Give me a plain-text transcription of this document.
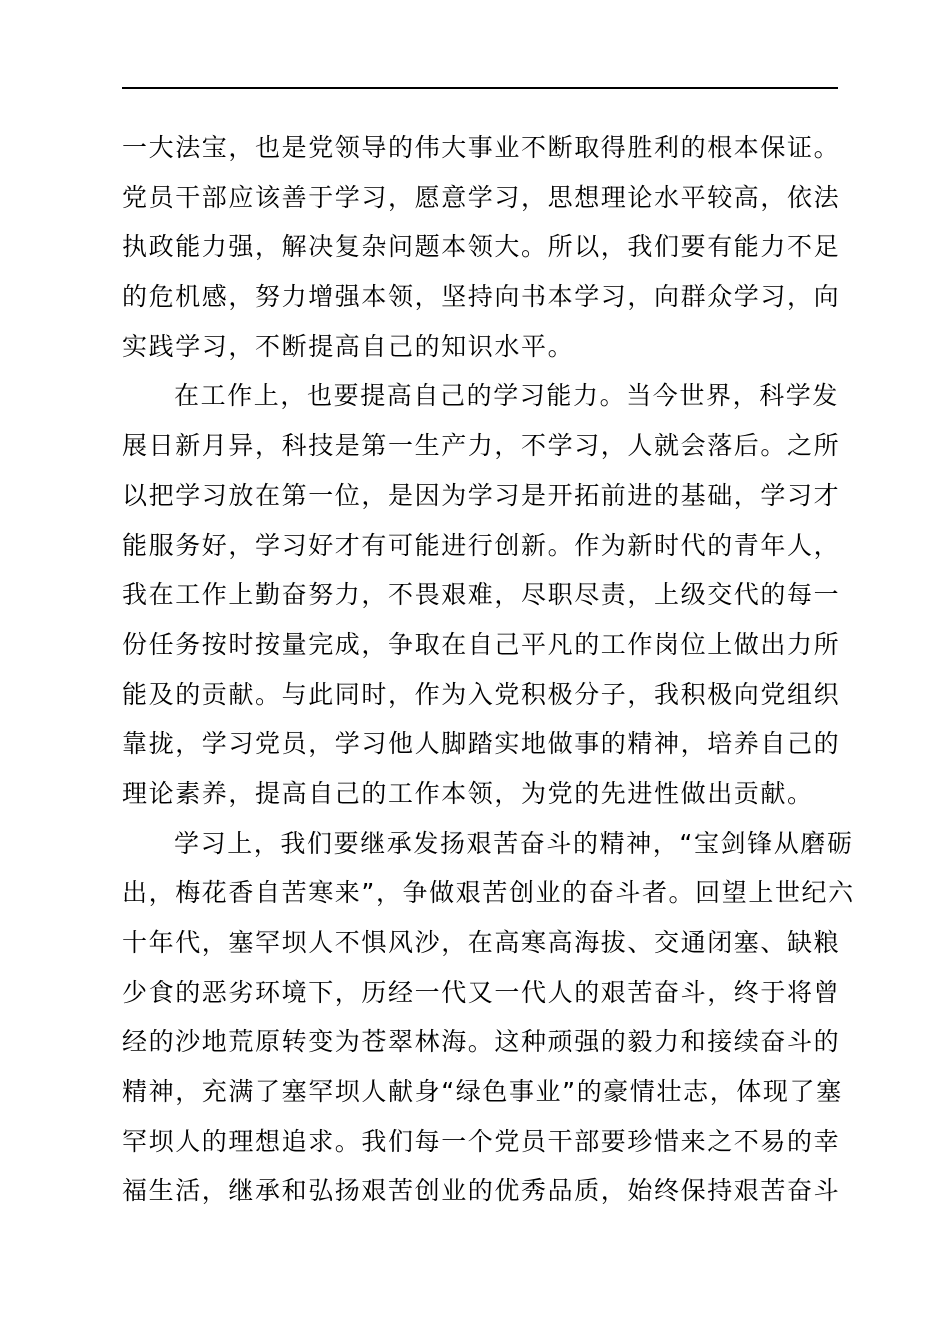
一大法宝，也是党领导的伟大事业不断取得胜利的根本保证。
党员干部应该善于学习，愿意学习，思想理论水平较高，依法
执政能力强，解决复杂问题本领大。所以，我们要有能力不足
的危机感，努力增强本领，坚持向书本学习，向群众学习，向
实践学习，不断提高自己的知识水平。
在工作上，也要提高自己的学习能力。当今世界，科学发
展日新月异，科技是第一生产力，不学习，人就会落后。之所
以把学习放在第一位，是因为学习是开拓前进的基础，学习才
能服务好，学习好才有可能进行创新。作为新时代的青年人，
我在工作上勤奋努力，不畏艰难，尽职尽责，上级交代的每一
份任务按时按量完成，争取在自己平凡的工作岗位上做出力所
能及的贡献。与此同时，作为入党积极分子，我积极向党组织
靠拢，学习党员，学习他人脚踏实地做事的精神，培养自己的
理论素养，提高自己的工作本领，为党的先进性做出贡献。
学习上，我们要继承发扬艰苦奋斗的精神，“宝剑锋从磨砺
出，梅花香自苦寒来”，争做艰苦创业的奋斗者。回望上世纪六
十年代，塞罕坝人不惧风沙，在高寒高海拔、交通闭塞、缺粮
少食的恶劣环境下，历经一代又一代人的艰苦奋斗，终于将曾
经的沙地荒原转变为苍翠林海。这种顽强的毅力和接续奋斗的
精神，充满了塞罕坝人献身“绿色事业”的豪情壮志，体现了塞
罕坝人的理想追求。我们每一个党员干部要珍惜来之不易的幸
福生活，继承和弘扬艰苦创业的优秀品质，始终保持艰苦奋斗
